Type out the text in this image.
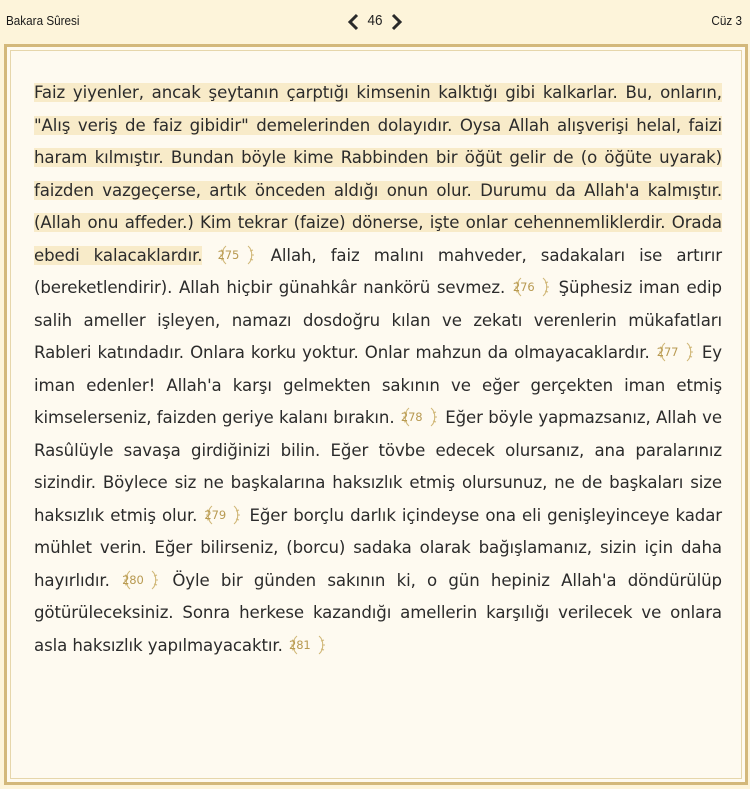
Bakara Sûresi	46	Cüz 3
Faiz yiyenler, ancak şeytanın çarptığı kimsenin kalktığı gibi kalkarlar. Bu, onların, "Alış veriş de faiz gibidir" demelerinden dolayıdır. Oysa Allah alışverişi helal, faizi haram kılmıştır. Bundan böyle kime Rabbinden bir öğüt gelir de (o öğüte uyarak) faizden vazgeçerse, artık önceden aldığı onun olur. Durumu da Allah'a kalmıştır. (Allah onu affeder.) Kim tekrar (faize) dönerse, işte onlar cehennemliklerdir. Orada ebedi kalacaklardır. 275	Allah, faiz malını mahveder, sadakaları ise artırır (bereketlendirir). Allah hiçbir günahkâr nankörü sevmez. 276	Şüphesiz iman edip salih ameller işleyen, namazı dosdoğru kılan ve zekatı verenlerin mükafatları Rableri katındadır. Onlara korku yoktur. Onlar mahzun da olmayacaklardır. 277	Ey iman edenler! Allah'a karşı gelmekten sakının ve eğer gerçekten iman etmiş kimselerseniz, faizden geriye kalanı bırakın. 278	Eğer böyle yapmazsanız, Allah ve Rasûlüyle savaşa girdiğinizi bilin. Eğer tövbe edecek olursanız, ana paralarınız sizindir. Böylece siz ne başkalarına haksızlık etmiş olursunuz, ne de başkaları size haksızlık etmiş olur. 279	Eğer borçlu darlık içindeyse ona eli genişleyinceye kadar mühlet verin. Eğer bilirseniz, (borcu) sadaka olarak bağışlamanız, sizin için daha hayırlıdır. 280	Öyle bir günden sakının ki, o gün hepiniz Allah'a döndürülüp götürüleceksiniz. Sonra herkese kazandığı amellerin karşılığı verilecek ve onlara asla haksızlık yapılmayacaktır. 281
